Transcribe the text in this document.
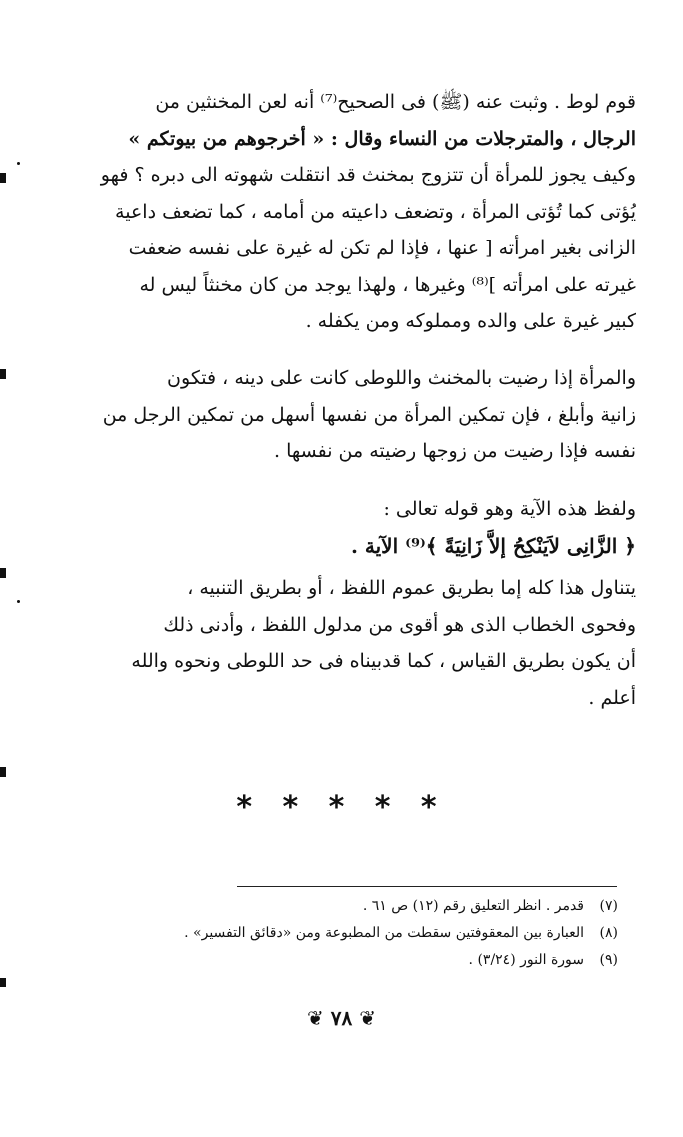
قوم لوط . وثبت عنه (ﷺ) فى الصحيح⁽⁷⁾ أنه لعن المخنثين من
الرجال ، والمترجلات من النساء وقال : « أخرجوهم من بيوتكم »
وكيف يجوز للمرأة أن تتزوج بمخنث قد انتقلت شهوته الى دبره ؟ فهو
يُؤتى كما تُؤتى المرأة ، وتضعف داعيته من أمامه ، كما تضعف داعية
الزانى بغير امرأته [ عنها ، فإذا لم تكن له غيرة على نفسه ضعفت
غيرته على امرأته ]⁽⁸⁾ وغيرها ، ولهذا يوجد من كان مخنثاً ليس له
كبير غيرة على والده ومملوكه ومن يكفله .
والمرأة إذا رضيت بالمخنث واللوطى كانت على دينه ، فتكون
زانية وأبلغ ، فإن تمكين المرأة من نفسها أسهل من تمكين الرجل من
نفسه فإذا رضيت من زوجها رضيته من نفسها .
ولفظ هذه الآية وهو قوله تعالى :
﴿ الزَّانِى لاَيَنْكِحُ إلاَّ زَانِيَةً ﴾⁽⁹⁾ الآية .
يتناول هذا كله إما بطريق عموم اللفظ ، أو بطريق التنبيه ،
وفحوى الخطاب الذى هو أقوى من مدلول اللفظ ، وأدنى ذلك
أن يكون بطريق القياس ، كما قدبيناه فى حد اللوطى ونحوه والله
أعلم .
* * * * *
(٧)
قدمر . انظر التعليق رقم (١٢) ص ٦١ .
(٨)
العبارة بين المعقوفتين سقطت من المطبوعة ومن «دقائق التفسير» .
(٩)
سورة النور (٣/٢٤) .
❦ ٧٨ ❦
